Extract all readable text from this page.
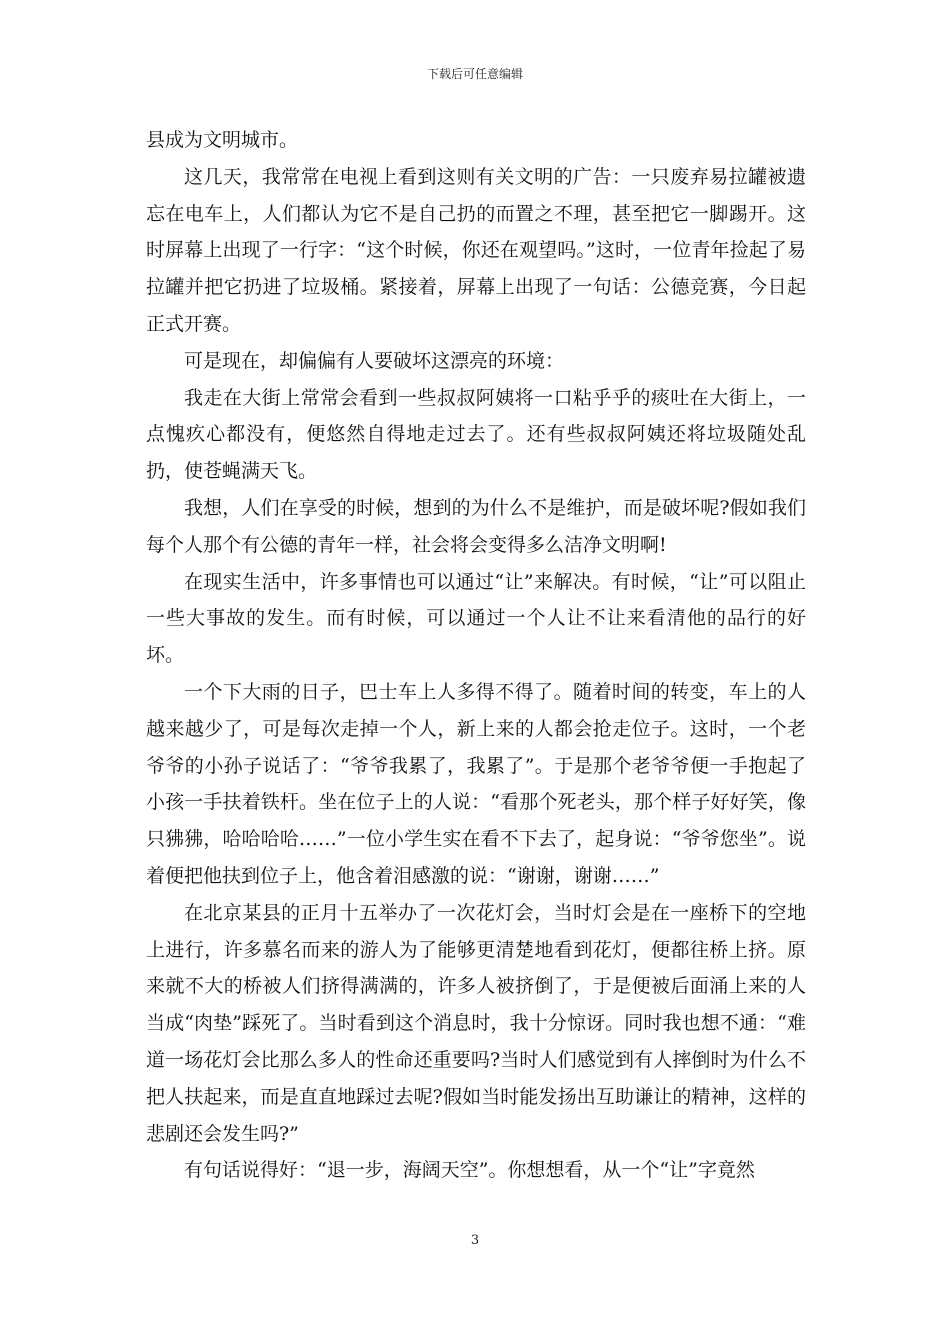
下载后可任意编辑

县成为文明城市。

这几天，我常常在电视上看到这则有关文明的广告：一只废弃易拉罐被遗忘在电车上，人们都认为它不是自己扔的而置之不理，甚至把它一脚踢开。这时屏幕上出现了一行字：“这个时候，你还在观望吗。”这时，一位青年捡起了易拉罐并把它扔进了垃圾桶。紧接着，屏幕上出现了一句话：公德竞赛，今日起正式开赛。

可是现在，却偏偏有人要破坏这漂亮的环境：

我走在大街上常常会看到一些叔叔阿姨将一口粘乎乎的痰吐在大街上，一点愧疚心都没有，便悠然自得地走过去了。还有些叔叔阿姨还将垃圾随处乱扔，使苍蝇满天飞。

我想，人们在享受的时候，想到的为什么不是维护，而是破坏呢?假如我们每个人那个有公德的青年一样，社会将会变得多么洁净文明啊!

在现实生活中，许多事情也可以通过“让”来解决。有时候，“让”可以阻止一些大事故的发生。而有时候，可以通过一个人让不让来看清他的品行的好坏。

一个下大雨的日子，巴士车上人多得不得了。随着时间的转变，车上的人越来越少了，可是每次走掉一个人，新上来的人都会抢走位子。这时，一个老爷爷的小孙子说话了：“爷爷我累了，我累了”。于是那个老爷爷便一手抱起了小孩一手扶着铁杆。坐在位子上的人说：“看那个死老头，那个样子好好笑，像只狒狒，哈哈哈哈……”一位小学生实在看不下去了，起身说：“爷爷您坐”。说着便把他扶到位子上，他含着泪感激的说：“谢谢，谢谢……”

在北京某县的正月十五举办了一次花灯会，当时灯会是在一座桥下的空地上进行，许多慕名而来的游人为了能够更清楚地看到花灯，便都往桥上挤。原来就不大的桥被人们挤得满满的，许多人被挤倒了，于是便被后面涌上来的人当成“肉垫”踩死了。当时看到这个消息时，我十分惊讶。同时我也想不通：“难道一场花灯会比那么多人的性命还重要吗?当时人们感觉到有人摔倒时为什么不把人扶起来，而是直直地踩过去呢?假如当时能发扬出互助谦让的精神，这样的悲剧还会发生吗?”

有句话说得好：“退一步，海阔天空”。你想想看，从一个“让”字竟然

3
